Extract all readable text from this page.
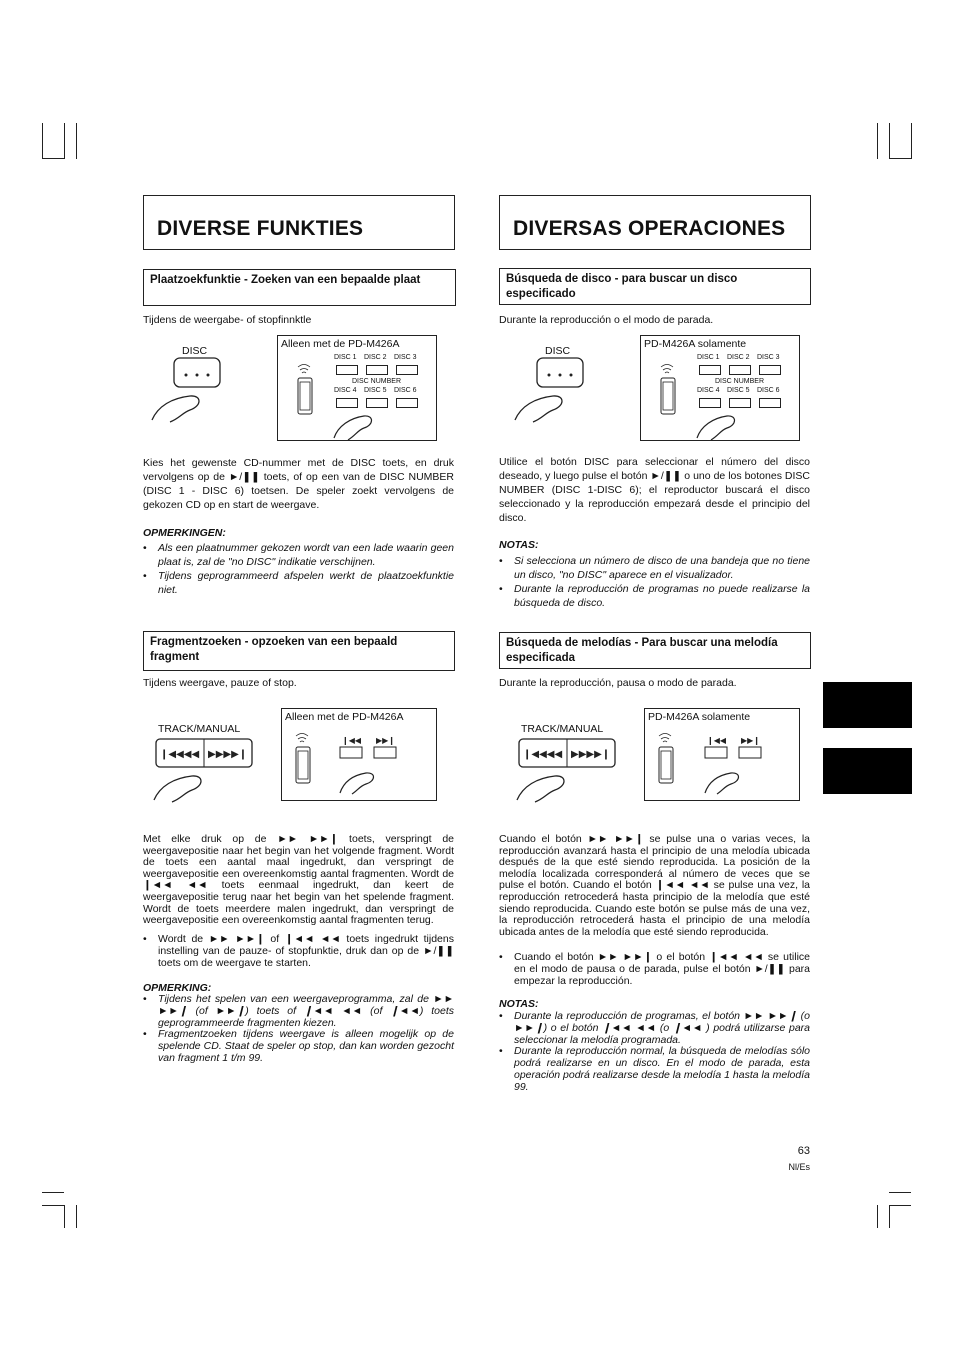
DIVERSE FUNKTIES
Plaatzoekfunktie - Zoeken van een bepaalde plaat
Tijdens de weergabe- of stopfinnktle
DISC
Alleen met de PD-M426A
DISC 1 DISC 2 DISC 3
DISC NUMBER
DISC 4 DISC 5 DISC 6
Kies het gewenste CD-nummer met de DISC toets, en druk vervolgens op de ►/❚❚ toets, of op een van de DISC NUMBER (DISC 1 - DISC 6) toetsen. De speler zoekt vervolgens de gekozen CD op en start de weergave.
OPMERKINGEN:
• Als een plaatnummer gekozen wordt van een lade waarin geen plaat is, zal de "no DISC" indikatie verschijnen.
• Tijdens geprogrammeerd afspelen werkt de plaatzoekfunktie niet.
Fragmentzoeken - opzoeken van een bepaald fragment
Tijdens weergave, pauze of stop.
TRACK/MANUAL
❙◀◀◀◀ ▶▶▶▶❙
Alleen met de PD-M426A
❙◀◀ ▶▶❙
Met elke druk op de ►► ►►❙ toets, verspringt de weergavepositie naar het begin van het volgende fragment. Wordt de toets een aantal maal ingedrukt, dan verspringt de weergavepositie een overeenkomstig aantal fragmenten. Wordt de ❙◄◄ ◄◄ toets eenmaal ingedrukt, dan keert de weergavepositie terug naar het begin van het spelende fragment. Wordt de toets meerdere malen ingedrukt, dan verspringt de weergavepositie een overeenkomstig aantal fragmenten terug.
• Wordt de ►► ►►❙ of ❙◄◄ ◄◄ toets ingedrukt tijdens instelling van de pauze- of stopfunktie, druk dan op de ►/❚❚ toets om de weergave te starten.
OPMERKING:
• Tijdens het spelen van een weergaveprogramma, zal de ►► ►►❙ (of ►►❙) toets of ❙◄◄ ◄◄ (of ❙◄◄) toets geprogrammeerde fragmenten kiezen.
• Fragmentzoeken tijdens weergave is alleen mogelijk op de spelende CD. Staat de speler op stop, dan kan worden gezocht van fragment 1 t/m 99.
DIVERSAS OPERACIONES
Búsqueda de disco - para buscar un disco especificado
Durante la reproducción o el modo de parada.
DISC
PD-M426A solamente
DISC 1 DISC 2 DISC 3
DISC NUMBER
DISC 4 DISC 5 DISC 6
Utilice el botón DISC para seleccionar el número del disco deseado, y luego pulse el botón ►/❚❚ o uno de los botones DISC NUMBER (DISC 1-DISC 6); el reproductor buscará el disco seleccionado y la reproducción empezará desde el principio del disco.
NOTAS:
• Si selecciona un número de disco de una bandeja que no tiene un disco, "no DISC" aparece en el visualizador.
• Durante la reproducción de programas no puede realizarse la búsqueda de disco.
Búsqueda de melodías - Para buscar una melodía especificada
Durante la reproducción, pausa o modo de parada.
TRACK/MANUAL
❙◀◀◀◀ ▶▶▶▶❙
PD-M426A solamente
❙◀◀ ▶▶❙
Cuando el botón ►► ►►❙ se pulse una o varias veces, la reproducción avanzará hasta el principio de una melodía ubicada después de la que esté siendo reproducida. La posición de la melodía localizada corresponderá al número de veces que se pulse el botón. Cuando el botón ❙◄◄ ◄◄ se pulse una vez, la reproducción retrocederá hasta principio de la melodía que esté siendo reproducida. Cuando este botón se pulse más de una vez, la reproducción retrocederá hasta el principio de una melodía ubicada antes de la melodía que esté siendo reproducida.
• Cuando el botón ►► ►►❙ o el botón ❙◄◄ ◄◄ se utilice en el modo de pausa o de parada, pulse el botón ►/❚❚ para empezar la reproducción.
NOTAS:
• Durante la reproducción de programas, el botón ►► ►►❙ (o ►►❙) o el botón ❙◄◄ ◄◄ (o ❙◄◄ ) podrá utilizarse para seleccionar la melodía programada.
• Durante la reproducción normal, la búsqueda de melodías sólo podrá realizarse en un disco. En el modo de parada, esta operación podrá realizarse desde la melodía 1 hasta la melodía 99.
63
Nl/Es
